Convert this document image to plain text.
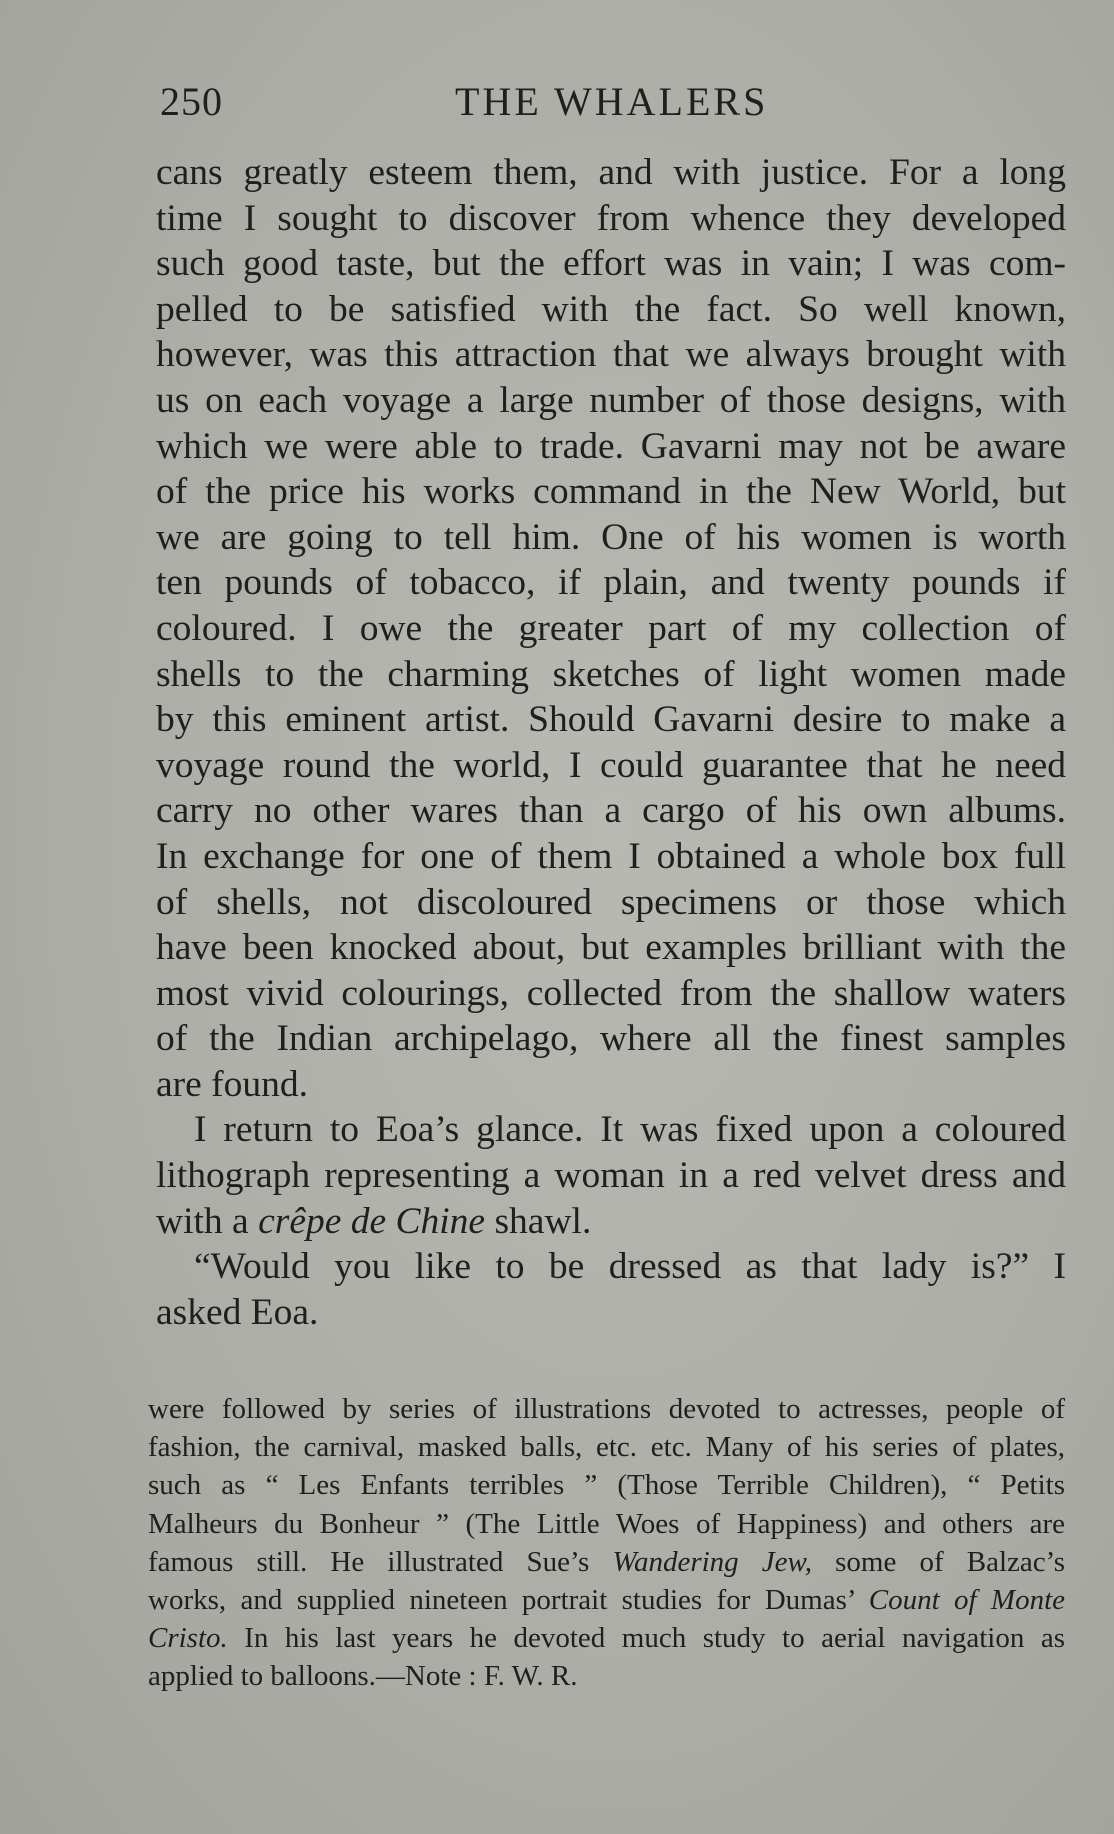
250	THE WHALERS
cans greatly esteem them, and with justice. For a long
time I sought to discover from whence they developed
such good taste, but the effort was in vain; I was com-
pelled to be satisfied with the fact. So well known,
however, was this attraction that we always brought with
us on each voyage a large number of those designs, with
which we were able to trade. Gavarni may not be aware
of the price his works command in the New World, but
we are going to tell him. One of his women is worth
ten pounds of tobacco, if plain, and twenty pounds if
coloured. I owe the greater part of my collection of
shells to the charming sketches of light women made
by this eminent artist. Should Gavarni desire to make a
voyage round the world, I could guarantee that he need
carry no other wares than a cargo of his own albums.
In exchange for one of them I obtained a whole box full
of shells, not discoloured specimens or those which
have been knocked about, but examples brilliant with the
most vivid colourings, collected from the shallow waters
of the Indian archipelago, where all the finest samples
are found.
I return to Eoa’s glance. It was fixed upon a coloured
lithograph representing a woman in a red velvet dress and
with a crêpe de Chine shawl.
“Would you like to be dressed as that lady is?” I
asked Eoa.
were followed by series of illustrations devoted to actresses, people of
fashion, the carnival, masked balls, etc. etc. Many of his series of plates,
such as “ Les Enfants terribles ” (Those Terrible Children), “ Petits
Malheurs du Bonheur ” (The Little Woes of Happiness) and others are
famous still. He illustrated Sue’s Wandering Jew, some of Balzac’s
works, and supplied nineteen portrait studies for Dumas’ Count of Monte
Cristo. In his last years he devoted much study to aerial navigation as
applied to balloons.—Note : F. W. R.
